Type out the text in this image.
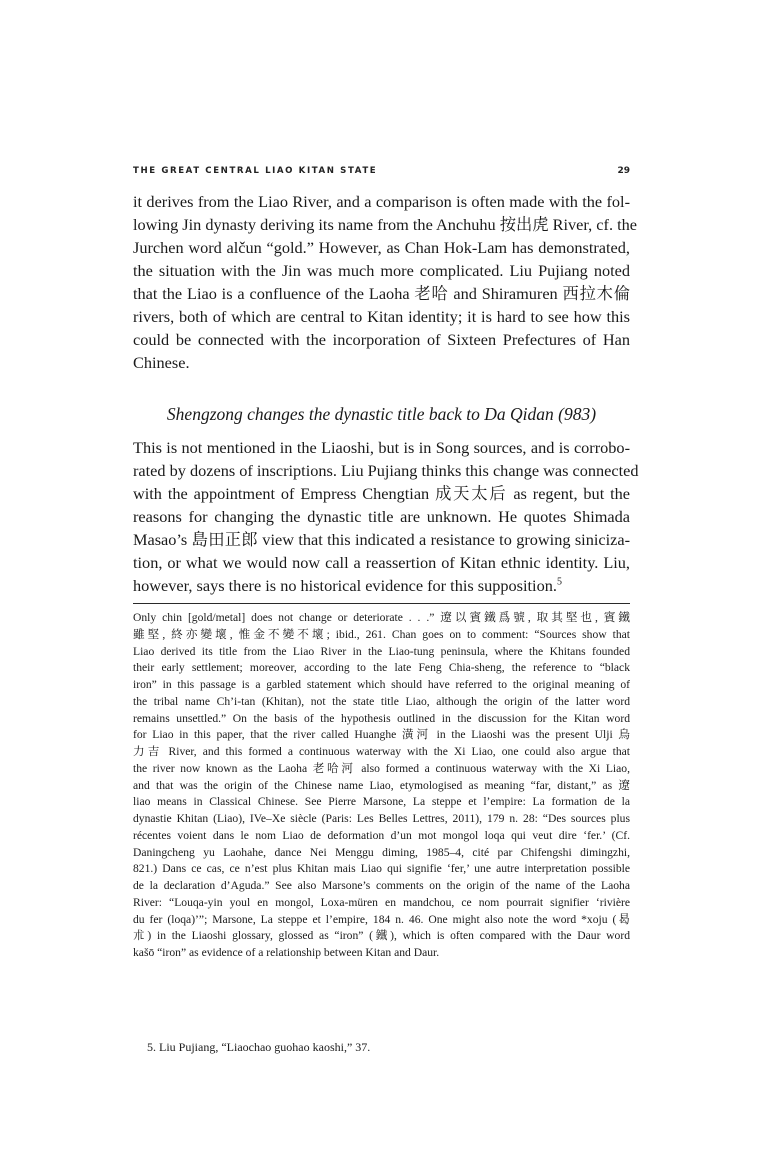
THE GREAT CENTRAL LIAO KITAN STATE	29
it derives from the Liao River, and a comparison is often made with the fol-
lowing Jin dynasty deriving its name from the Anchuhu 按出虎 River, cf. the
Jurchen word alčun “gold.” However, as Chan Hok-Lam has demonstrated,
the situation with the Jin was much more complicated. Liu Pujiang noted
that the Liao is a confluence of the Laoha 老哈 and Shiramuren 西拉木倫
rivers, both of which are central to Kitan identity; it is hard to see how this
could be connected with the incorporation of Sixteen Prefectures of Han
Chinese.
Shengzong changes the dynastic title back to Da Qidan (983)
This is not mentioned in the Liaoshi, but is in Song sources, and is corrobo-
rated by dozens of inscriptions. Liu Pujiang thinks this change was connected
with the appointment of Empress Chengtian 成天太后 as regent, but the
reasons for changing the dynastic title are unknown. He quotes Shimada
Masao’s 島田正郎 view that this indicated a resistance to growing siniciza-
tion, or what we would now call a reassertion of Kitan ethnic identity. Liu,
however, says there is no historical evidence for this supposition.$^5$
Only chin [gold/metal] does not change or deteriorate . . .” 遼以賓鐵爲號, 取其堅也, 賓鐵
雖堅, 終亦變壞, 惟金不變不壞; ibid., 261. Chan goes on to comment: “Sources show that
Liao derived its title from the Liao River in the Liao-tung peninsula, where the Khitans founded
their early settlement; moreover, according to the late Feng Chia-sheng, the reference to “black
iron” in this passage is a garbled statement which should have referred to the original meaning of
the tribal name Ch’i-tan (Khitan), not the state title Liao, although the origin of the latter word
remains unsettled.” On the basis of the hypothesis outlined in the discussion for the Kitan word
for Liao in this paper, that the river called Huanghe 潢河 in the Liaoshi was the present Ulji 烏
力吉 River, and this formed a continuous waterway with the Xi Liao, one could also argue that
the river now known as the Laoha 老哈河 also formed a continuous waterway with the Xi Liao,
and that was the origin of the Chinese name Liao, etymologised as meaning “far, distant,” as 遼
liao means in Classical Chinese. See Pierre Marsone, La steppe et l’empire: La formation de la
dynastie Khitan (Liao), IVe–Xe siècle (Paris: Les Belles Lettres, 2011), 179 n. 28: “Des sources plus
récentes voient dans le nom Liao de deformation d’un mot mongol loqa qui veut dire ‘fer.’ (Cf.
Daningcheng yu Laohahe, dance Nei Menggu diming, 1985–4, cité par Chifengshi dimingzhi,
821.) Dans ce cas, ce n’est plus Khitan mais Liao qui signifie ‘fer,’ une autre interpretation possible
de la declaration d’Aguda.” See also Marsone’s comments on the origin of the name of the Laoha
River: “Louqa-yin youl en mongol, Loxa-müren en mandchou, ce nom pourrait signifier ‘rivière
du fer (loqa)’”; Marsone, La steppe et l’empire, 184 n. 46. One might also note the word *xoju (曷
朮) in the Liaoshi glossary, glossed as “iron” (鐵), which is often compared with the Daur word
kašō “iron” as evidence of a relationship between Kitan and Daur.
5. Liu Pujiang, “Liaochao guohao kaoshi,” 37.
